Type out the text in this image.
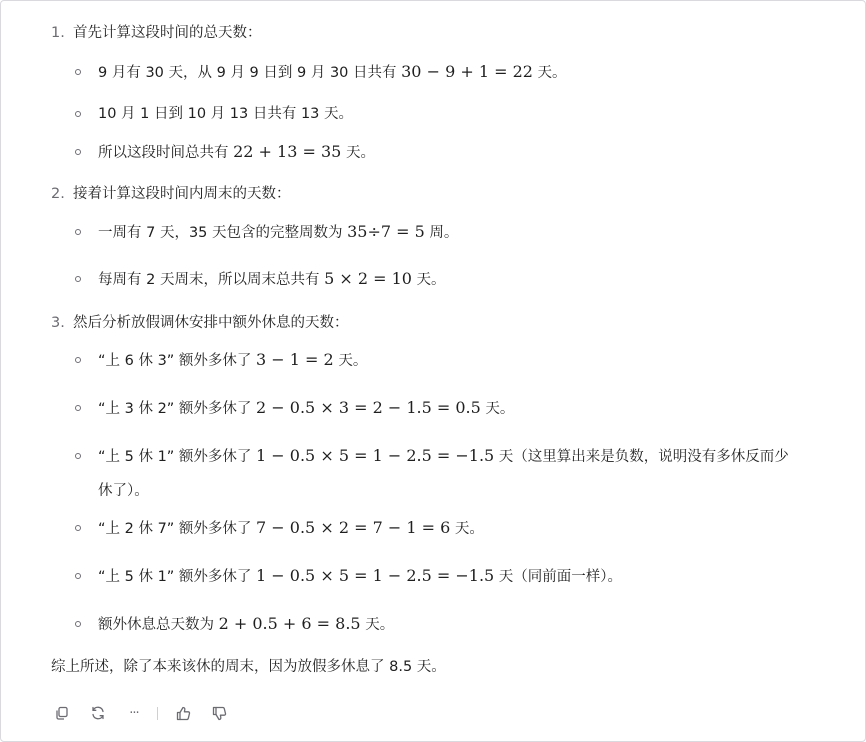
1. 首先计算这段时间的总天数：
9 月有 30 天，从 9 月 9 日到 9 月 30 日共有 30 − 9 + 1 = 22 天。
10 月 1 日到 10 月 13 日共有 13 天。
所以这段时间总共有 22 + 13 = 35 天。
2. 接着计算这段时间内周末的天数：
一周有 7 天，35 天包含的完整周数为 35÷7 = 5 周。
每周有 2 天周末，所以周末总共有 5 × 2 = 10 天。
3. 然后分析放假调休安排中额外休息的天数：
“上 6 休 3” 额外多休了 3 − 1 = 2 天。
“上 3 休 2” 额外多休了 2 − 0.5 × 3 = 2 − 1.5 = 0.5 天。
“上 5 休 1” 额外多休了 1 − 0.5 × 5 = 1 − 2.5 = −1.5 天（这里算出来是负数，说明没有多休反而少
休了）。
“上 2 休 7” 额外多休了 7 − 0.5 × 2 = 7 − 1 = 6 天。
“上 5 休 1” 额外多休了 1 − 0.5 × 5 = 1 − 2.5 = −1.5 天（同前面一样）。
额外休息总天数为 2 + 0.5 + 6 = 8.5 天。
综上所述，除了本来该休的周末，因为放假多休息了 8.5 天。
···
